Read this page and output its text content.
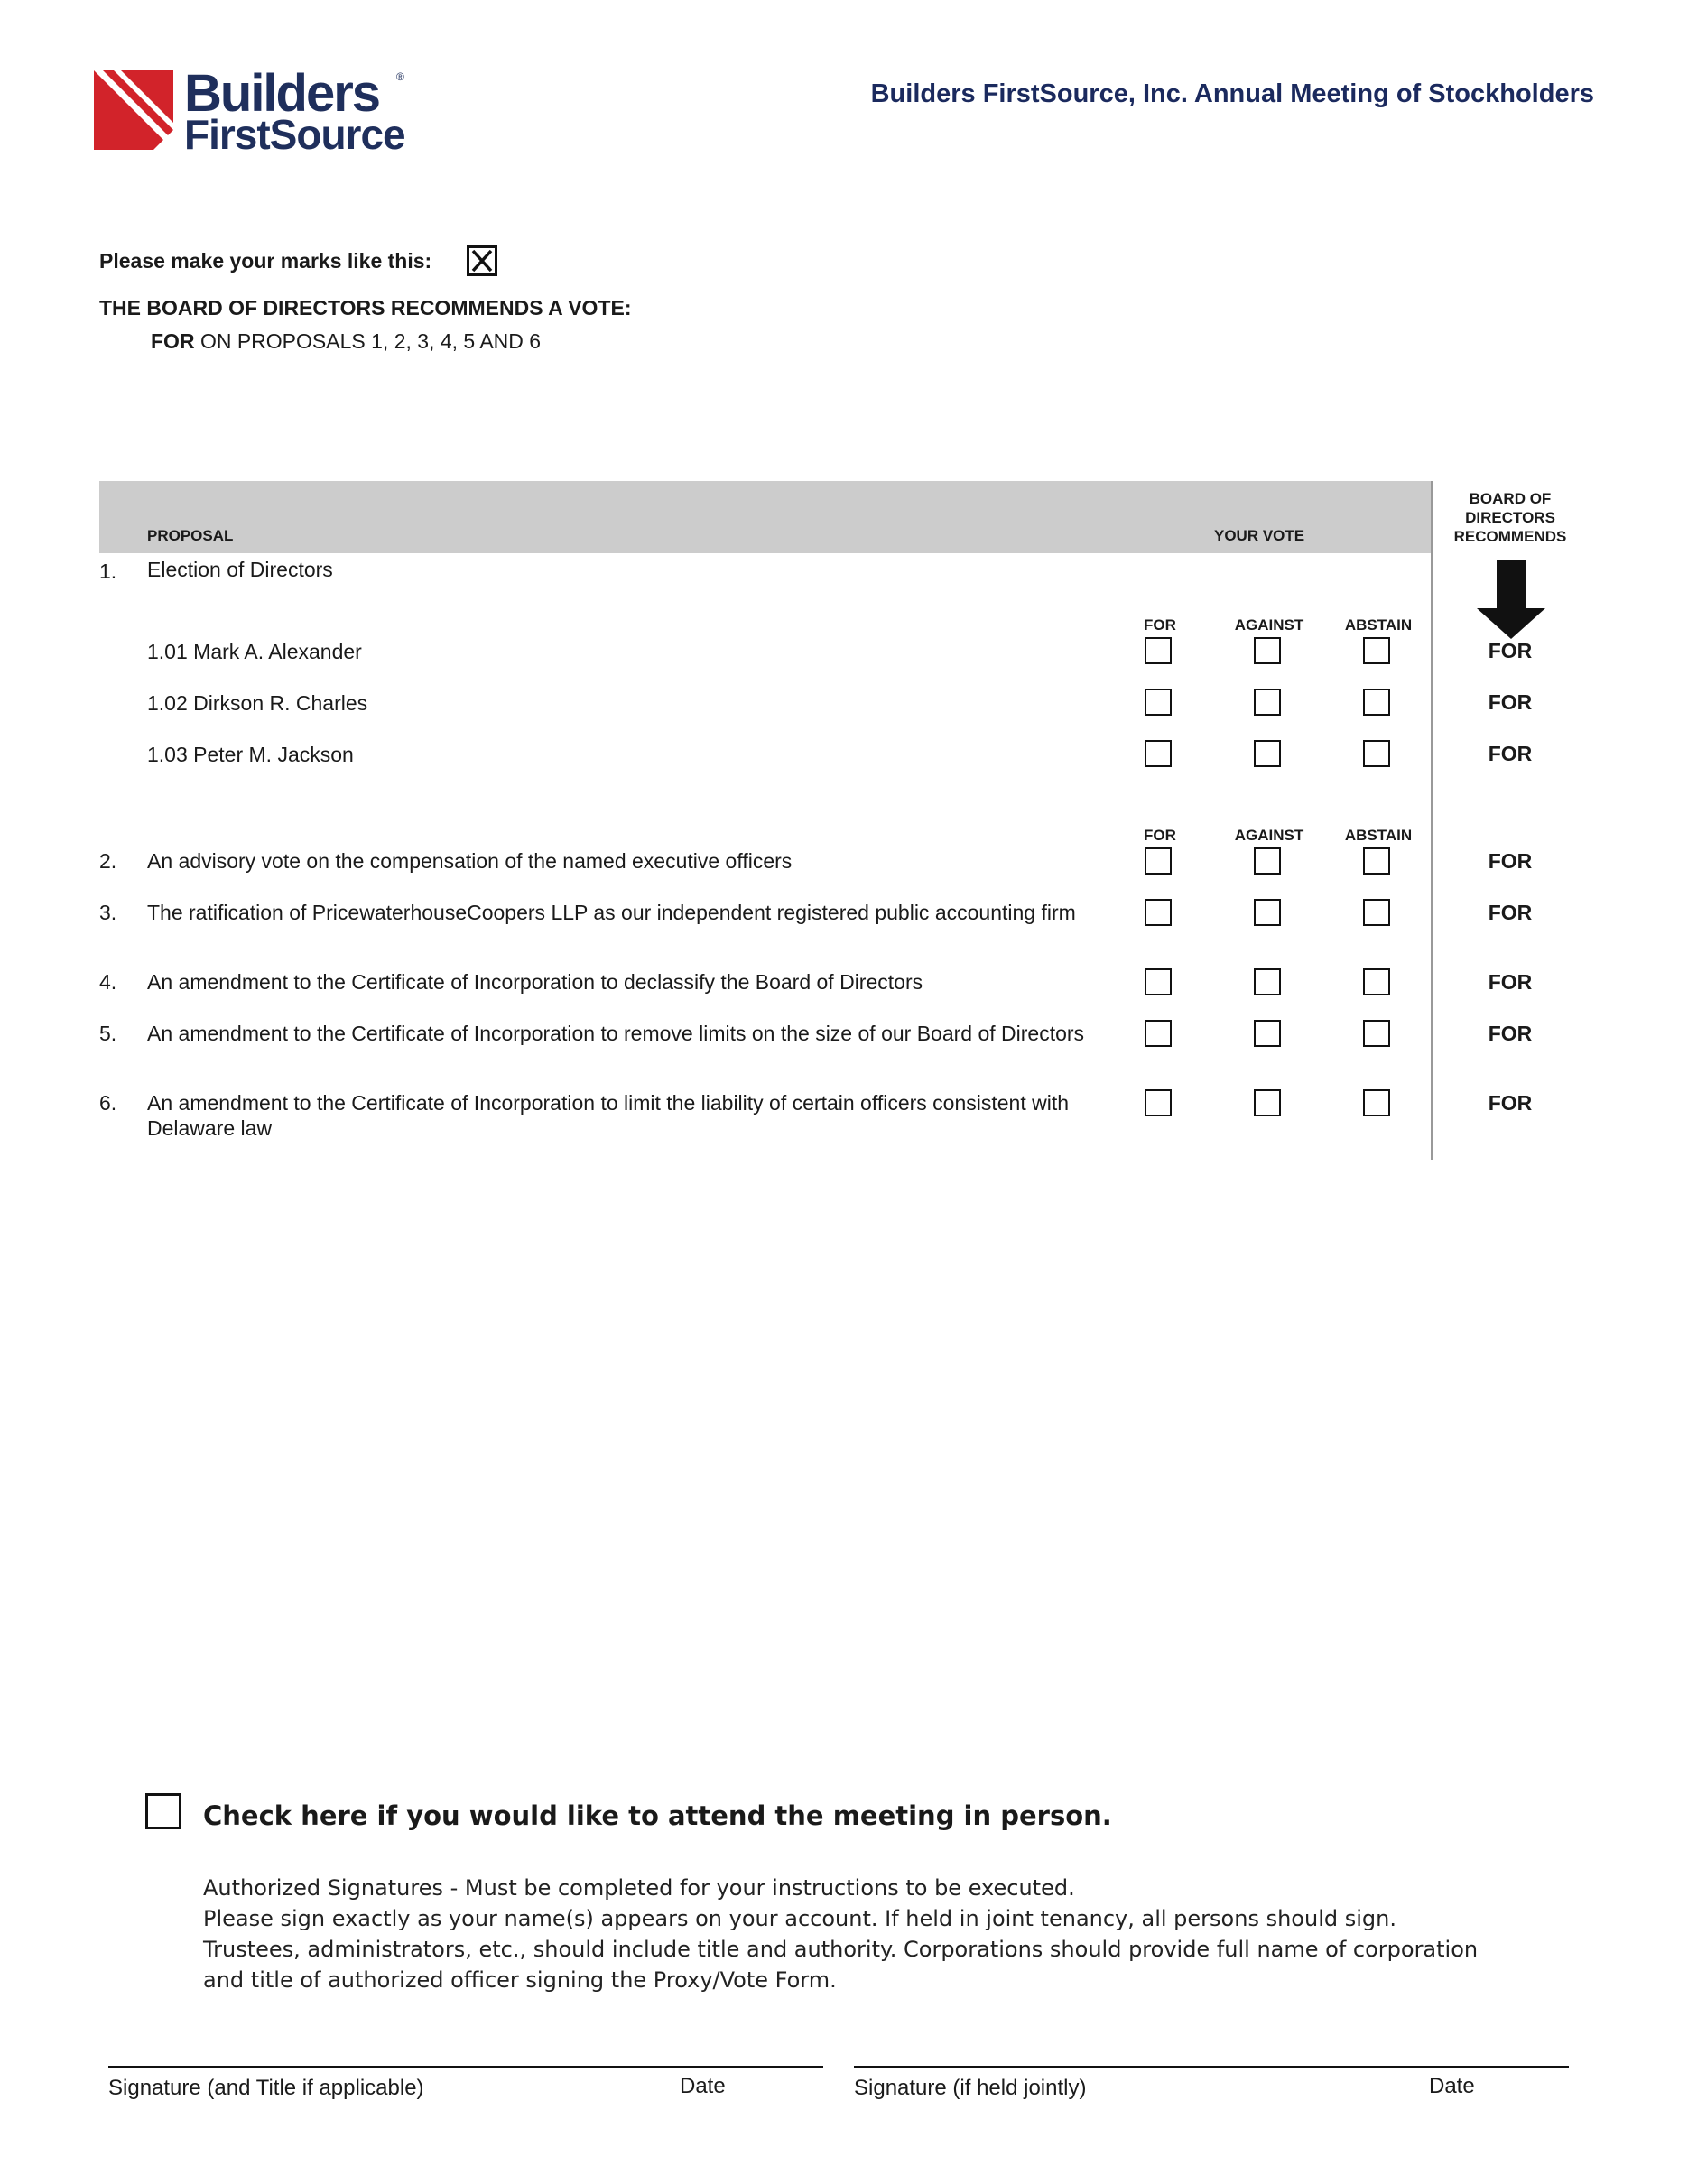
Builders ®
FirstSource
Builders FirstSource, Inc. Annual Meeting of Stockholders
Please make your marks like this:
THE BOARD OF DIRECTORS RECOMMENDS A VOTE:
FOR ON PROPOSALS 1, 2, 3, 4, 5 AND 6
PROPOSAL	YOUR VOTE
BOARD OF DIRECTORS RECOMMENDS
1. Election of Directors
FOR	AGAINST	ABSTAIN
1.01 Mark A. Alexander	FOR
1.02 Dirkson R. Charles	FOR
1.03 Peter M. Jackson	FOR
FOR	AGAINST	ABSTAIN
2. An advisory vote on the compensation of the named executive officers	FOR
3. The ratification of PricewaterhouseCoopers LLP as our independent registered public accounting firm	FOR
4. An amendment to the Certificate of Incorporation to declassify the Board of Directors	FOR
5. An amendment to the Certificate of Incorporation to remove limits on the size of our Board of Directors	FOR
6. An amendment to the Certificate of Incorporation to limit the liability of certain officers consistent with Delaware law
FOR
Check here if you would like to attend the meeting in person.

Authorized Signatures - Must be completed for your instructions to be executed.

Please sign exactly as your name(s) appears on your account. If held in joint tenancy, all persons should sign. Trustees, administrators, etc., should include title and authority. Corporations should provide full name of corporation and title of authorized officer signing the Proxy/Vote Form.

Signature (and Title if applicable)	Date	Signature (if held jointly)	Date
